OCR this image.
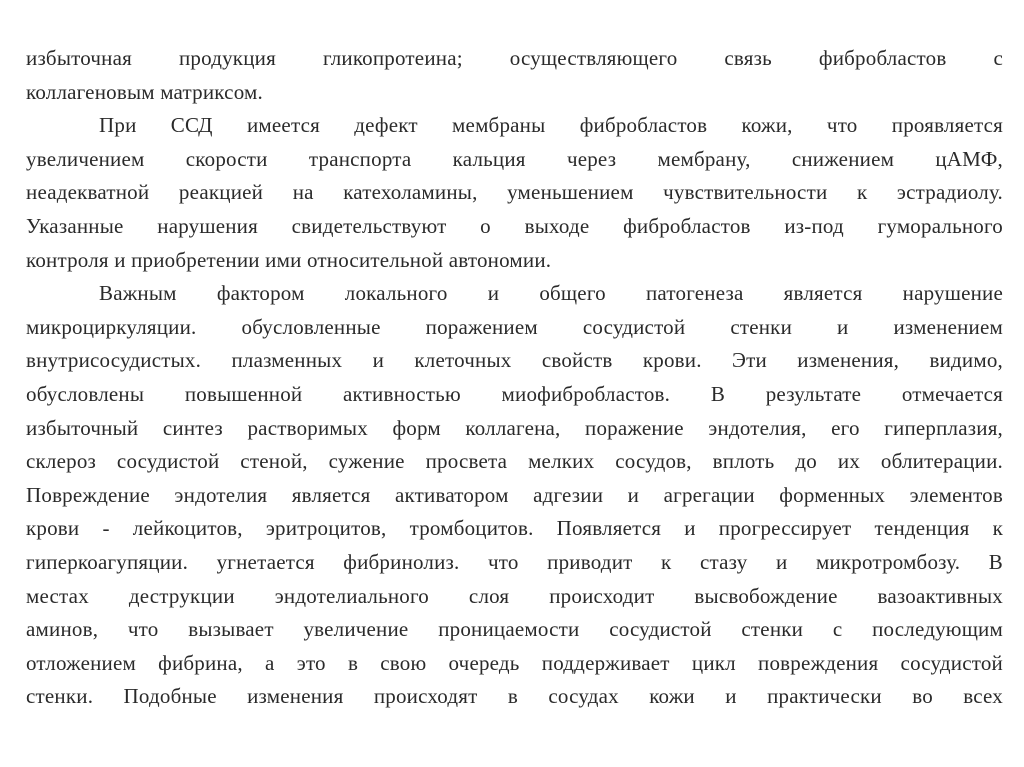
избыточная продукция гликопротеина; осуществляющего связь фибробластов с
коллагеновым матриксом.
При ССД имеется дефект мембраны фибробластов кожи, что проявляется
увеличением скорости транспорта кальция через мембрану, снижением цАМФ,
неадекватной реакцией на катехоламины, уменьшением чувствительности к эстрадиолу.
Указанные нарушения свидетельствуют о выходе фибробластов из-под гуморального
контроля и приобретении ими относительной автономии.
Важным фактором локального и общего патогенеза является нарушение
микроциркуляции. обусловленные поражением сосудистой стенки и изменением
внутрисосудистых. плазменных и клеточных свойств крови. Эти изменения, видимо,
обусловлены повышенной активностью миофибробластов. В результате отмечается
избыточный синтез растворимых форм коллагена, поражение эндотелия, его гиперплазия,
склероз сосудистой стеной, сужение просвета мелких сосудов, вплоть до их облитерации.
Повреждение эндотелия является активатором адгезии и агрегации форменных элементов
крови - лейкоцитов, эритроцитов, тромбоцитов. Появляется и прогрессирует тенденция к
гиперкоагупяции. угнетается фибринолиз. что приводит к стазу и микротромбозу. В
местах деструкции эндотелиального слоя происходит высвобождение вазоактивных
аминов, что вызывает увеличение проницаемости сосудистой стенки с последующим
отложением фибрина, а это в свою очередь поддерживает цикл повреждения сосудистой
стенки. Подобные изменения происходят в сосудах кожи и практически во всех
